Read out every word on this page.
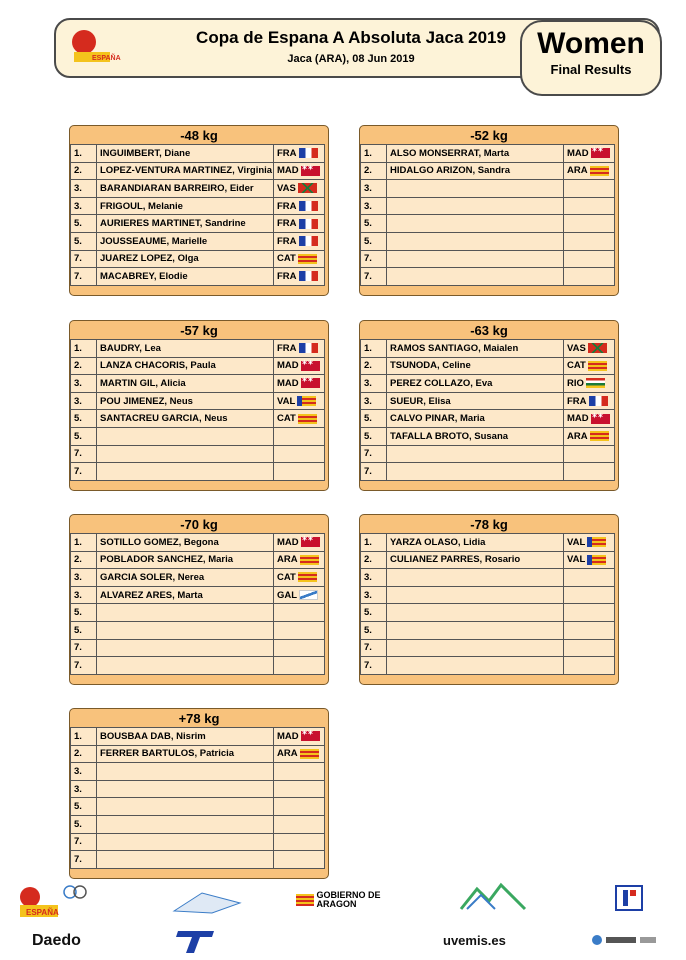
ESPAÑA
Copa de Espana A Absoluta Jaca 2019
Jaca (ARA), 08 Jun 2019	Women
Final Results
-48 kg
1.	INGUIMBERT, Diane	FRA
2.	LOPEZ-VENTURA MARTINEZ, Virginia	MAD✶✶
3.	BARANDIARAN BARREIRO, Eider	VAS
3.	FRIGOUL, Melanie	FRA
5.	AURIERES MARTINET, Sandrine	FRA
5.	JOUSSEAUME, Marielle	FRA
7.	JUAREZ LOPEZ, Olga	CAT
7.	MACABREY, Elodie	FRA
-52 kg
1.	ALSO MONSERRAT, Marta	MAD✶✶
2.	HIDALGO ARIZON, Sandra	ARA
3.		
3.		
5.		
5.		
7.		
7.		
-57 kg
1.	BAUDRY, Lea	FRA
2.	LANZA CHACORIS, Paula	MAD✶✶
3.	MARTIN GIL, Alicia	MAD✶✶
3.	POU JIMENEZ, Neus	VAL
5.	SANTACREU GARCIA, Neus	CAT
5.		
7.		
7.		
-63 kg
1.	RAMOS SANTIAGO, Maialen	VAS
2.	TSUNODA, Celine	CAT
3.	PEREZ COLLAZO, Eva	RIO
3.	SUEUR, Elisa	FRA
5.	CALVO PINAR, Maria	MAD✶✶
5.	TAFALLA BROTO, Susana	ARA
7.		
7.		
-70 kg
1.	SOTILLO GOMEZ, Begona	MAD✶✶
2.	POBLADOR SANCHEZ, Maria	ARA
3.	GARCIA SOLER, Nerea	CAT
3.	ALVAREZ ARES, Marta	GAL
5.		
5.		
7.		
7.		
-78 kg
1.	YARZA OLASO, Lidia	VAL
2.	CULIANEZ PARRES, Rosario	VAL
3.		
3.		
5.		
5.		
7.		
7.		
+78 kg
1.	BOUSBAA DAB, Nisrim	MAD✶✶
2.	FERRER BARTULOS, Patricia	ARA
3.		
3.		
5.		
5.		
7.		
7.		
ESPAÑA
GOBIERNO DE ARAGON
Daedo	uvemis.es
